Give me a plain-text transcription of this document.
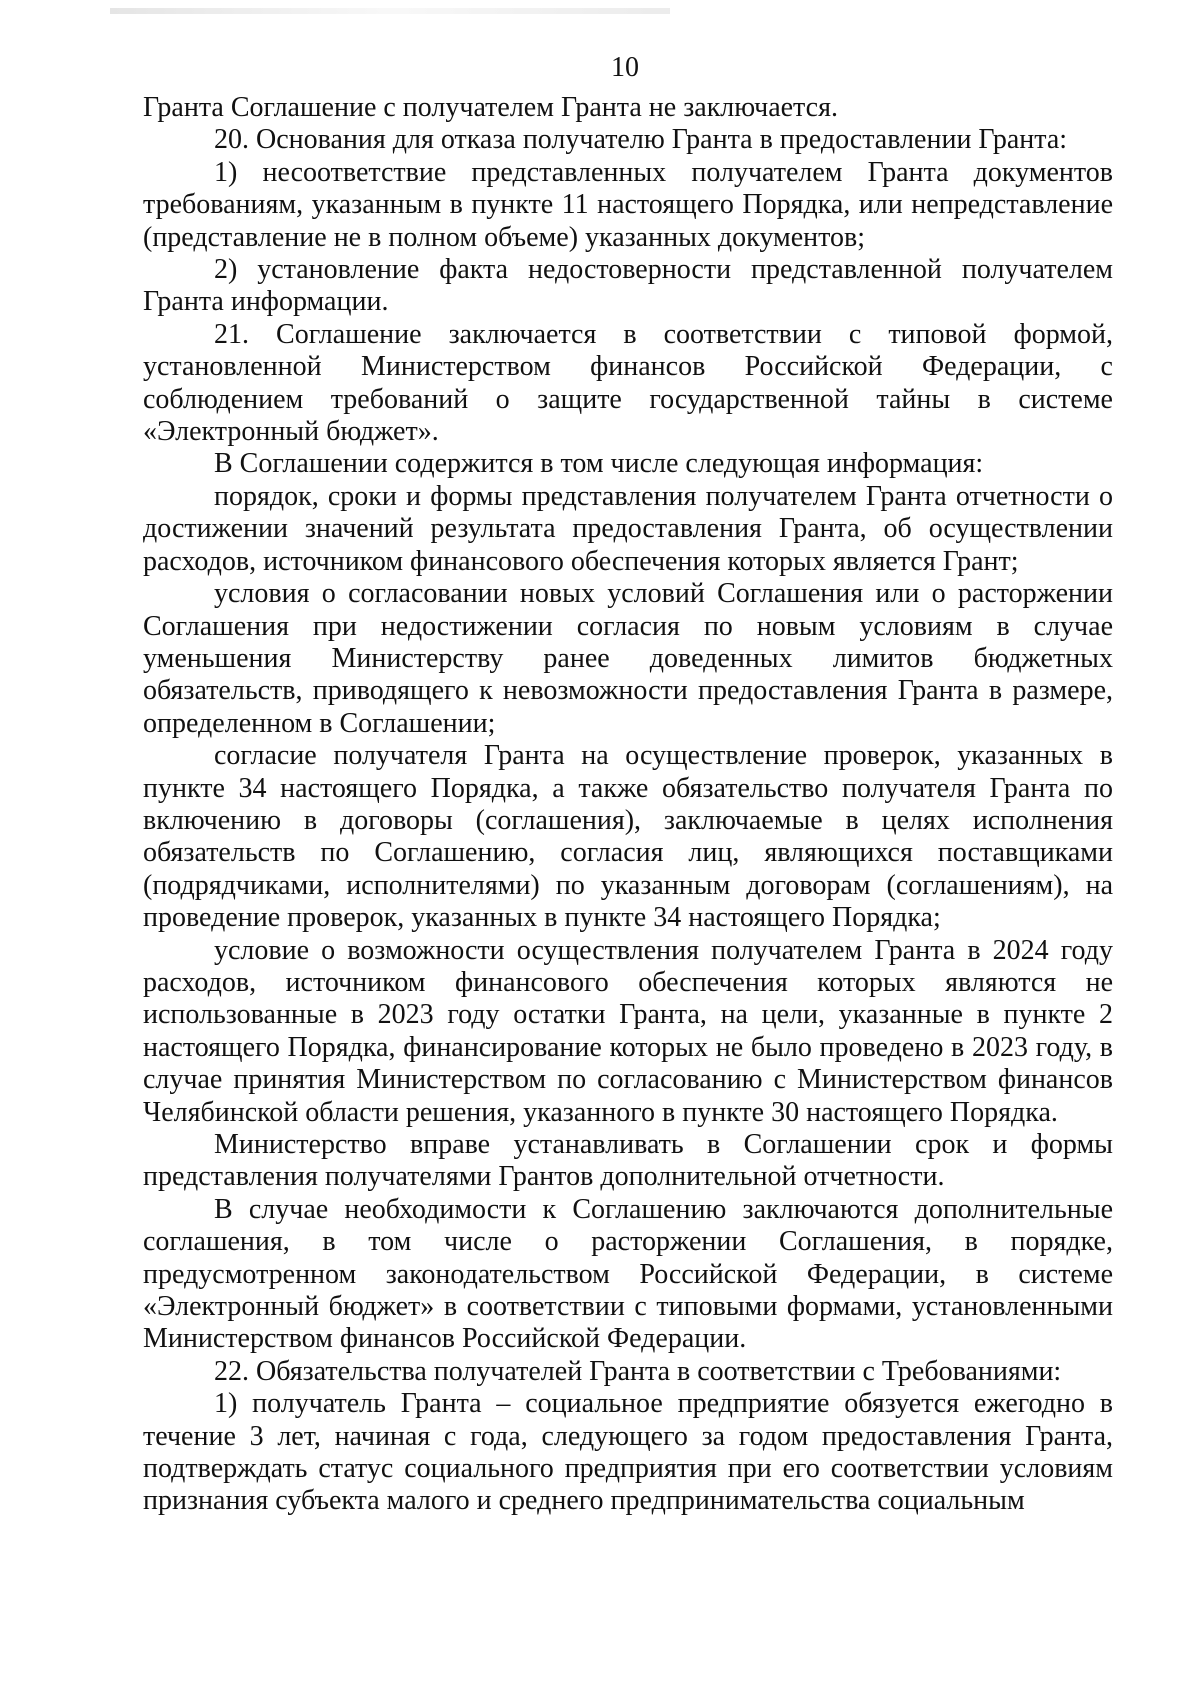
10

Гранта Соглашение с получателем Гранта не заключается.

20. Основания для отказа получателю Гранта в предоставлении Гранта:

1) несоответствие представленных получателем Гранта документов требованиям, указанным в пункте 11 настоящего Порядка, или непредставление (представление не в полном объеме) указанных документов;

2) установление факта недостоверности представленной получателем Гранта информации.

21. Соглашение заключается в соответствии с типовой формой, установленной Министерством финансов Российской Федерации, с соблюдением требований о защите государственной тайны в системе «Электронный бюджет».

В Соглашении содержится в том числе следующая информация:

порядок, сроки и формы представления получателем Гранта отчетности о достижении значений результата предоставления Гранта, об осуществлении расходов, источником финансового обеспечения которых является Грант;

условия о согласовании новых условий Соглашения или о расторжении Соглашения при недостижении согласия по новым условиям в случае уменьшения Министерству ранее доведенных лимитов бюджетных обязательств, приводящего к невозможности предоставления Гранта в размере, определенном в Соглашении;

согласие получателя Гранта на осуществление проверок, указанных в пункте 34 настоящего Порядка, а также обязательство получателя Гранта по включению в договоры (соглашения), заключаемые в целях исполнения обязательств по Соглашению, согласия лиц, являющихся поставщиками (подрядчиками, исполнителями) по указанным договорам (соглашениям), на проведение проверок, указанных в пункте 34 настоящего Порядка;

условие о возможности осуществления получателем Гранта в 2024 году расходов, источником финансового обеспечения которых являются не использованные в 2023 году остатки Гранта, на цели, указанные в пункте 2 настоящего Порядка, финансирование которых не было проведено в 2023 году, в случае принятия Министерством по согласованию с Министерством финансов Челябинской области решения, указанного в пункте 30 настоящего Порядка.

Министерство вправе устанавливать в Соглашении срок и формы представления получателями Грантов дополнительной отчетности.

В случае необходимости к Соглашению заключаются дополнительные соглашения, в том числе о расторжении Соглашения, в порядке, предусмотренном законодательством Российской Федерации, в системе «Электронный бюджет» в соответствии с типовыми формами, установленными Министерством финансов Российской Федерации.

22. Обязательства получателей Гранта в соответствии с Требованиями:

1) получатель Гранта – социальное предприятие обязуется ежегодно в течение 3 лет, начиная с года, следующего за годом предоставления Гранта, подтверждать статус социального предприятия при его соответствии условиям признания субъекта малого и среднего предпринимательства социальным
